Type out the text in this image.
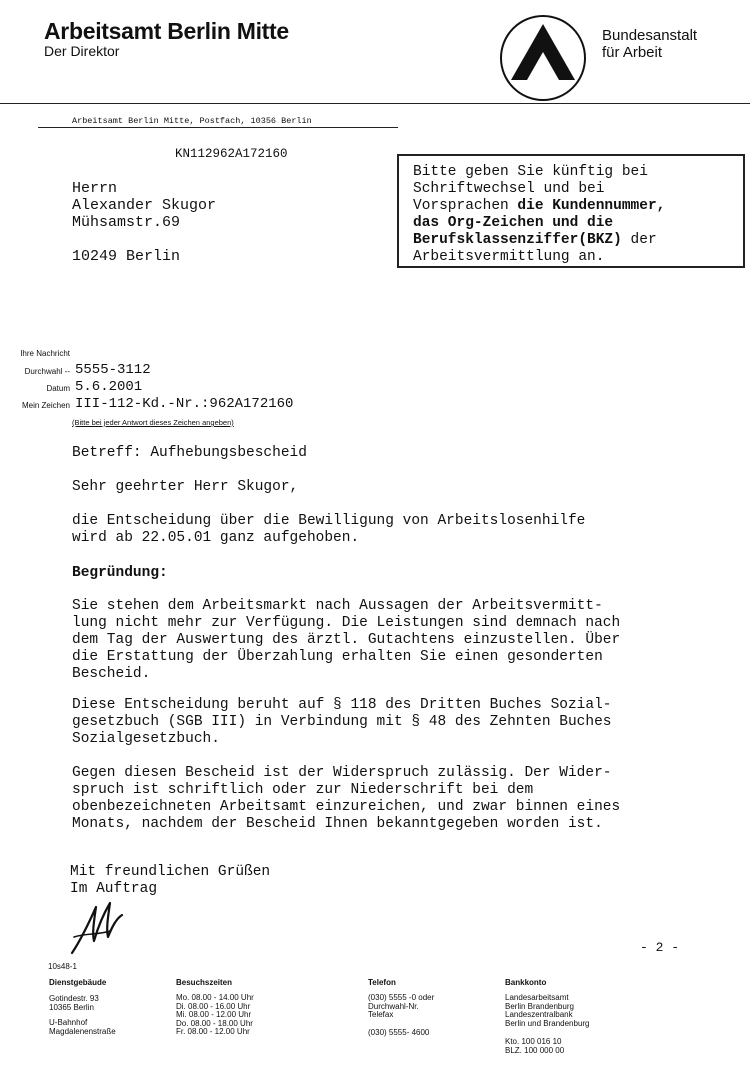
Arbeitsamt Berlin Mitte
Der Direktor
Bundesanstalt
für Arbeit
Arbeitsamt Berlin Mitte, Postfach, 10356 Berlin
KN112962A172160
Herrn
Alexander Skugor
Mühsamstr.69
10249 Berlin
Bitte geben Sie künftig bei
Schriftwechsel und bei
Vorsprachen die Kundennummer,
das Org-Zeichen und die
Berufsklassenziffer(BKZ) der
Arbeitsvermittlung an.
Ihre Nachricht
Durchwahl -- 5555-3112
Datum 5.6.2001
Mein Zeichen III-112-Kd.-Nr.:962A172160
(Bitte bei jeder Antwort dieses Zeichen angeben)
Betreff: Aufhebungsbescheid
Sehr geehrter Herr Skugor,
die Entscheidung über die Bewilligung von Arbeitslosenhilfe
wird ab 22.05.01 ganz aufgehoben.
Begründung:
Sie stehen dem Arbeitsmarkt nach Aussagen der Arbeitsvermitt-
lung nicht mehr zur Verfügung. Die Leistungen sind demnach nach
dem Tag der Auswertung des ärztl. Gutachtens einzustellen. Über
die Erstattung der Überzahlung erhalten Sie einen gesonderten
Bescheid.
Diese Entscheidung beruht auf § 118 des Dritten Buches Sozial-
gesetzbuch (SGB III) in Verbindung mit § 48 des Zehnten Buches
Sozialgesetzbuch.
Gegen diesen Bescheid ist der Widerspruch zulässig. Der Wider-
spruch ist schriftlich oder zur Niederschrift bei dem
obenbezeichneten Arbeitsamt einzureichen, und zwar binnen eines
Monats, nachdem der Bescheid Ihnen bekanntgegeben worden ist.
Mit freundlichen Grüßen
Im Auftrag
- 2 -
10s48-1
Dienstgebäude
Gotindestr. 93
10365 Berlin
U-Bahnhof
Magdalenenstraße
Besuchszeiten
Mo. 08.00 - 14.00 Uhr
Di. 08.00 - 16.00 Uhr
Mi. 08.00 - 12.00 Uhr
Do. 08.00 - 18.00 Uhr
Fr. 08.00 - 12.00 Uhr
Telefon
(030) 5555 -0 oder
Durchwahl-Nr.
Telefax
(030) 5555- 4600
Bankkonto
Landesarbeitsamt
Berlin Brandenburg
Landeszentralbank
Berlin und Brandenburg
Kto. 100 016 10
BLZ. 100 000 00
